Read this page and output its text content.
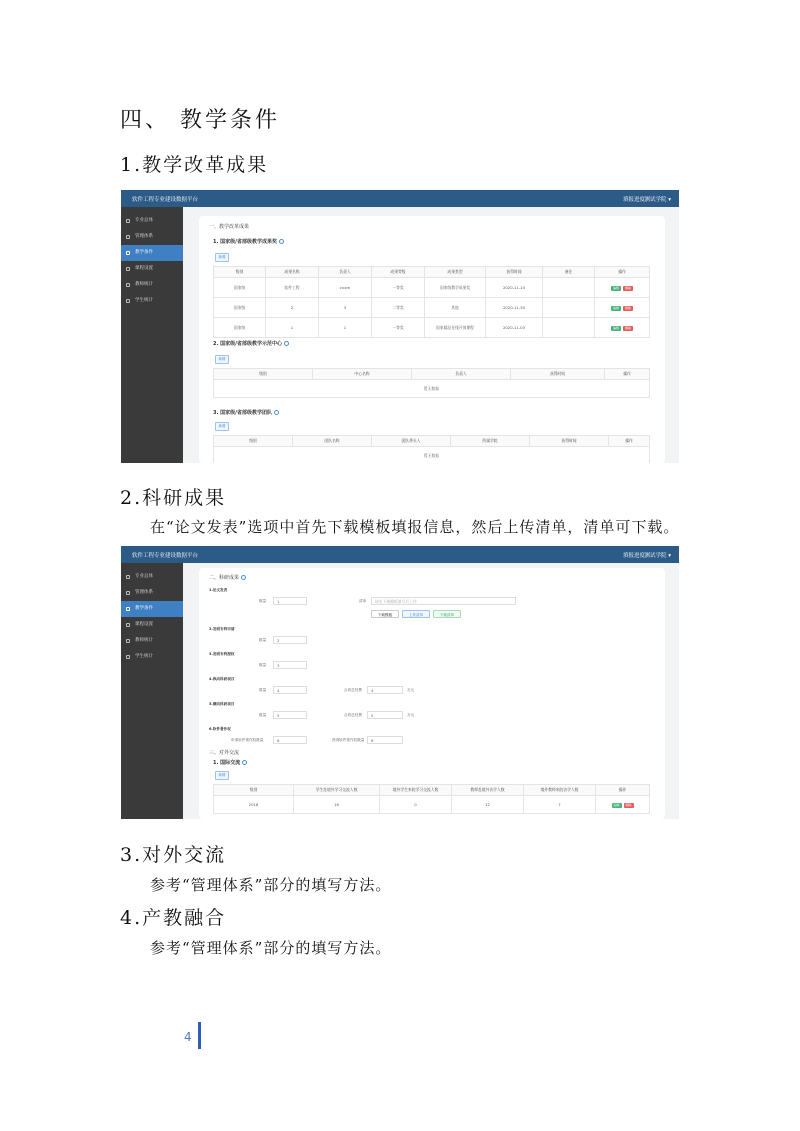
四、 教学条件
1.教学改革成果
软件工程专业建设数据平台	填报进度 测试学院 ▾
专业总体
管理体系
教学条件
课程设置
教师统计
学生统计
一、教学改革成果
1. 国家级/省部级教学成果奖
新增
级别	成果名称	负责人	成果等级	成果类型	获得时间	备注	操作
国家级	软件工程	cxxm	一等奖	国家级教学成果奖	2020-11-10		编辑 删除
国家级	2	3	二等奖	其他	2020-11-30		编辑 删除
国家级	1	1	一等奖	国家精品在线开放课程	2020-11-03		编辑 删除
2. 国家级/省部级教学示范中心
新增
级别	中心名称	负责人	获得时间	操作
暂无数据
3. 国家级/省部级教学团队
新增
级别	团队名称	团队带头人	所属学院	获得时间	操作
暂无数据
2.科研成果

在“论文发表”选项中首先下载模板填报信息，然后上传清单，清单可下载。

软件工程专业建设数据平台	填报进度 测试学院 ▾
专业总体
管理体系
教学条件
课程设置
教师统计
学生统计
二、科研成果
1.论文发表
数量	1	清单	请先下载模板填写后上传
下载模板	上传清单	下载清单
2.发明专利申请
数量	2
3.发明专利授权
数量	3
4.纵向科研项目
数量	4	合同总经费	4	万元
5.横向科研项目
数量	5	合同总经费	5	万元
6.软件著作权
申请软件著作权数量	6	获得软件著作权数量	6
三、对外交流
1. 国际交流
新增
级别	学生赴境外学习交流人数	境外学生来院学习交流人数	教师赴境外访学人数	境外教师来院访学人数	操作
2018	16	0	12	7	编辑 删除
3.对外交流

参考“管理体系”部分的填写方法。

4.产教融合

参考“管理体系”部分的填写方法。

4
